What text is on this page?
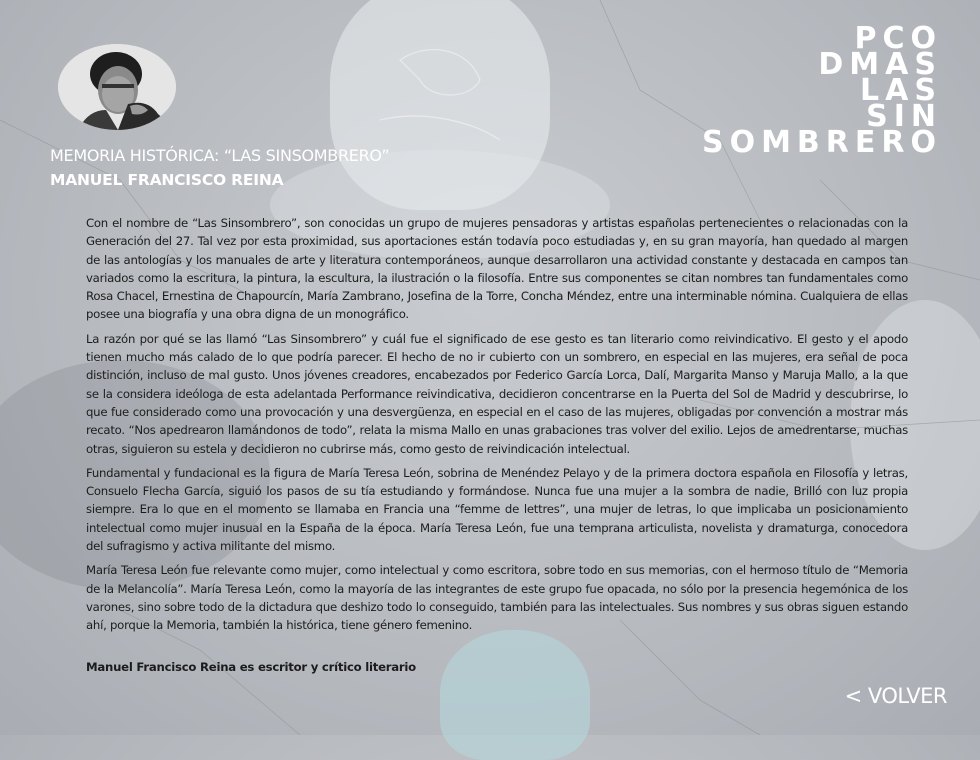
PCO
DMAS
LAS
SIN
SOMBRERO
MEMORIA HISTÓRICA: “LAS SINSOMBRERO”
MANUEL FRANCISCO REINA

Con el nombre de “Las Sinsombrero”, son conocidas un grupo de mujeres pensadoras y artistas españolas pertenecientes o relacionadas con la Generación del 27. Tal vez por esta proximidad, sus aportaciones están todavía poco estudiadas y, en su gran mayoría, han quedado al margen de las antologías y los manuales de arte y literatura contemporáneos, aunque desarrollaron una actividad constante y destacada en campos tan variados como la escritura, la pintura, la escultura, la ilustración o la filosofía. Entre sus componentes se citan nombres tan fundamentales como Rosa Chacel, Ernestina de Chapourcín, María Zambrano, Josefina de la Torre, Concha Méndez, entre una interminable nómina. Cualquiera de ellas posee una biografía y una obra digna de un monográfico.

La razón por qué se las llamó “Las Sinsombrero” y cuál fue el significado de ese gesto es tan literario como reivindicativo. El gesto y el apodo tienen mucho más calado de lo que podría parecer. El hecho de no ir cubierto con un sombrero, en especial en las mujeres, era señal de poca distinción, incluso de mal gusto. Unos jóvenes creadores, encabezados por Federico García Lorca, Dalí, Margarita Manso y Maruja Mallo, a la que se la considera ideóloga de esta adelantada Performance reivindicativa, decidieron concentrarse en la Puerta del Sol de Madrid y descubrirse, lo que fue considerado como una provocación y una desvergüenza, en especial en el caso de las mujeres, obligadas por convención a mostrar más recato. “Nos apedrearon llamándonos de todo”, relata la misma Mallo en unas grabaciones tras volver del exilio. Lejos de amedrentarse, muchas otras, siguieron su estela y decidieron no cubrirse más, como gesto de reivindicación intelectual.

Fundamental y fundacional es la figura de María Teresa León, sobrina de Menéndez Pelayo y de la primera doctora española en Filosofía y letras, Consuelo Flecha García, siguió los pasos de su tía estudiando y formándose. Nunca fue una mujer a la sombra de nadie, Brilló con luz propia siempre. Era lo que en el momento se llamaba en Francia una “femme de lettres”, una mujer de letras, lo que implicaba un posicionamiento intelectual como mujer inusual en la España de la época. María Teresa León, fue una temprana articulista, novelista y dramaturga, conocedora del sufragismo y activa militante del mismo.

María Teresa León fue relevante como mujer, como intelectual y como escritora, sobre todo en sus memorias, con el hermoso título de “Memoria de la Melancolía”. María Teresa León, como la mayoría de las integrantes de este grupo fue opacada, no sólo por la presencia hegemónica de los varones, sino sobre todo de la dictadura que deshizo todo lo conseguido, también para las intelectuales. Sus nombres y sus obras siguen estando ahí, porque la Memoria, también la histórica, tiene género femenino.

Manuel Francisco Reina es escritor y crítico literario
< VOLVER
